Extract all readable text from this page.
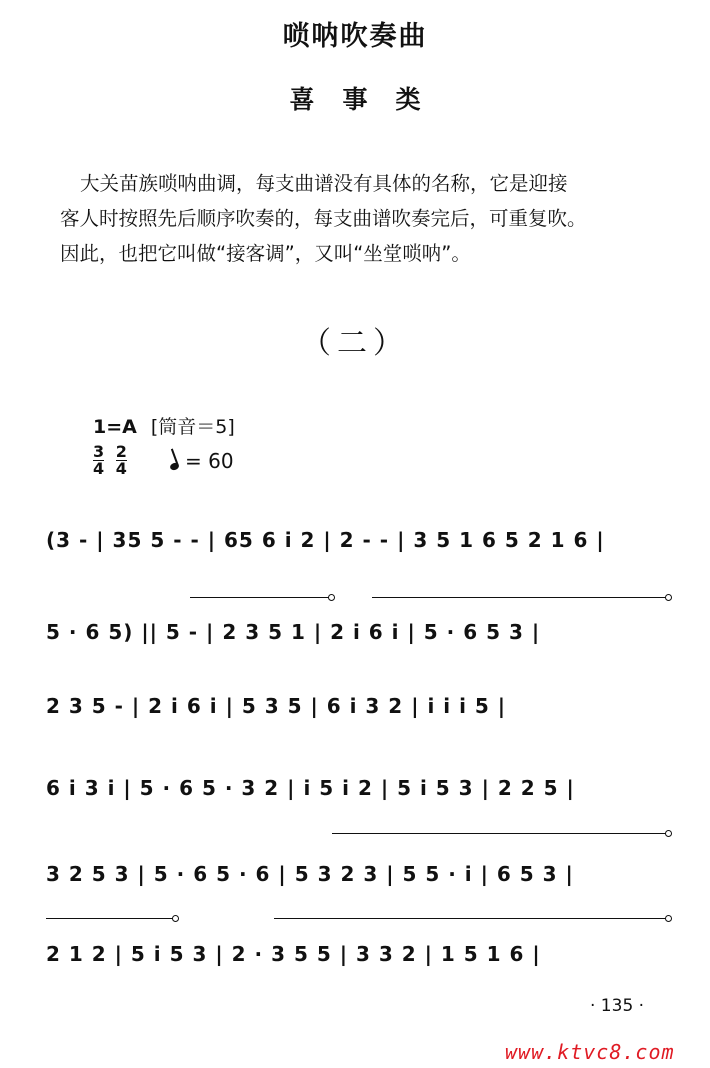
唢呐吹奏曲
喜事类
大关苗族唢呐曲调，每支曲谱没有具体的名称，它是迎接
客人时按照先后顺序吹奏的，每支曲谱吹奏完后，可重复吹。
因此，也把它叫做“接客调”，又叫“坐堂唢呐”。
（二）
1=A [筒音＝5]
$\frac{3}{4}$
$\frac{2}{4}$	= 60
(3 - | 35 5 - - | 65 6 i 2 | 2 - - | 3 5 1 6 5 2 1 6 |
5 · 6 5) || 5 - | 2 3 5 1 | 2 i 6 i | 5 · 6 5 3 |
2 3 5 - | 2 i 6 i | 5 3 5 | 6 i 3 2 | i i i 5 |
6 i 3 i | 5 · 6 5 · 3 2 | i 5 i 2 | 5 i 5 3 | 2 2 5 |
3 2 5 3 | 5 · 6 5 · 6 | 5 3 2 3 | 5 5 · i | 6 5 3 |
2 1 2 | 5 i 5 3 | 2 · 3 5 5 | 3 3 2 | 1 5 1 6 |
· 135 ·
www.ktvc8.com
